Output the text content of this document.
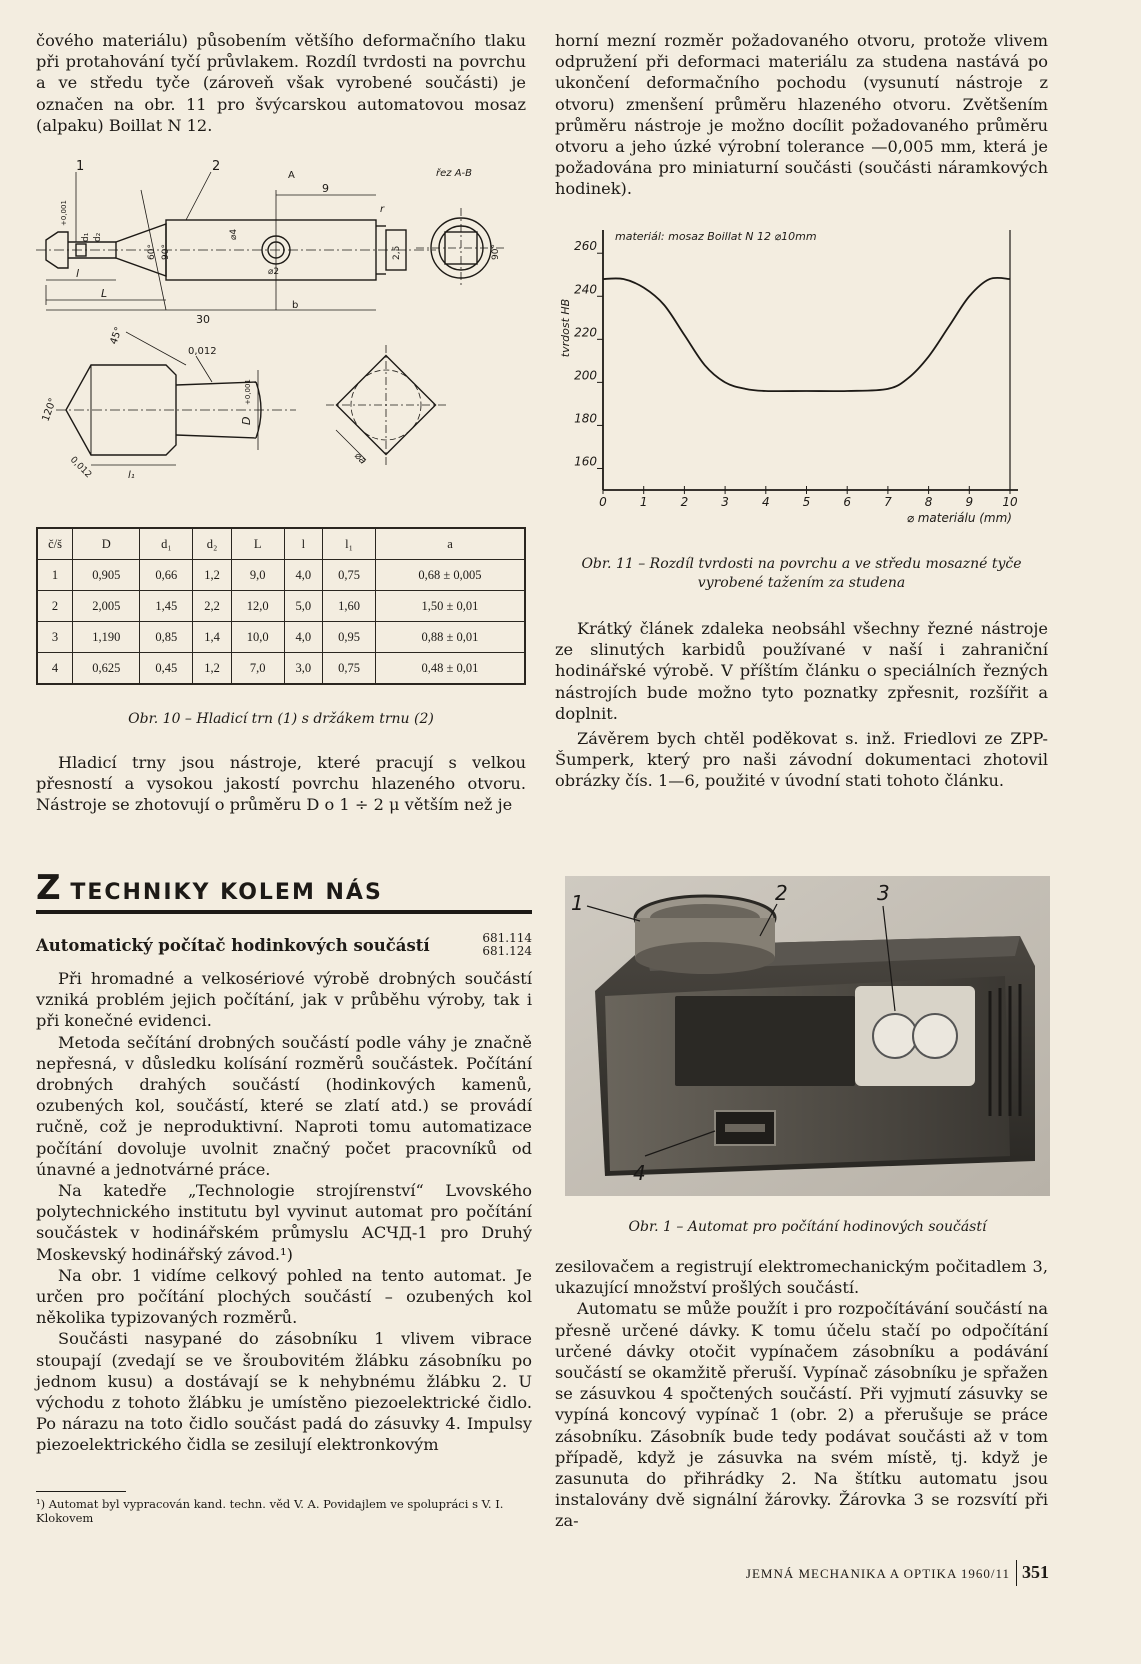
čového materiálu) působením většího deformačního tlaku při protahování tyčí průvlakem. Rozdíl tvrdosti na povrchu a ve středu tyče (zároveň však vyrobené součásti) je označen na obr. 11 pro švýcarskou automatovou mosaz (alpaku) Boillat N 12.

1	2
A
b
řez A-B
9
30
L
l
r
⌀4
⌀2
2,5	90°
60° 90°
d₁ d₂
+0,001
45°
0,012
120°
0,012
D
+0,001
l₁
⌀a
č/š	D	d₁	d₂	L	l	l₁	a
1	0,905	0,66	1,2	9,0	4,0	0,75	0,68 ± 0,005
2	2,005	1,45	2,2	12,0	5,0	1,60	1,50 ± 0,01
3	1,190	0,85	1,4	10,0	4,0	0,95	0,88 ± 0,01
4	0,625	0,45	1,2	7,0	3,0	0,75	0,48 ± 0,01
Obr. 10 – Hladicí trn (1) s držákem trnu (2)

Hladicí trny jsou nástroje, které pracují s velkou přesností a vysokou jakostí povrchu hlazeného otvoru. Nástroje se zhotovují o průměru D o 1 ÷ 2 μ větším než je

horní mezní rozměr požadovaného otvoru, protože vlivem odpružení při deformaci materiálu za studena nastává po ukončení deformačního pochodu (vysunutí nástroje z otvoru) zmenšení průměru hlazeného otvoru. Zvětšením průměru nástroje je možno docílit požadovaného průměru otvoru a jeho úzké výrobní tolerance —0,005 mm, která je požadována pro miniaturní součásti (součásti náramkových hodinek).

160
180
200
220
240
260
0	1	2	3	4	5	6	7	8	9 10
materiál: mosaz Boillat N 12 ⌀10mm
tvrdost HB
⌀ materiálu (mm)
Obr. 11 – Rozdíl tvrdosti na povrchu a ve středu mosazné tyče
vyrobené tažením za studena

Krátký článek zdaleka neobsáhl všechny řezné nástroje ze slinutých karbidů používané v naší i zahraniční hodinářské výrobě. V příštím článku o speciálních řezných nástrojích bude možno tyto poznatky zpřesnit, rozšířit a doplnit.

Závěrem bych chtěl poděkovat s. inž. Friedlovi ze ZPP-Šumperk, který pro naši závodní dokumentaci zhotovil obrázky čís. 1—6, použité v úvodní stati tohoto článku.

Z TECHNIKY KOLEM NÁS
Automatický počítač hodinkových součástí	681.114
681.124

Při hromadné a velkosériové výrobě drobných součástí vzniká problém jejich počítání, jak v průběhu výroby, tak i při konečné evidenci.

Metoda sečítání drobných součástí podle váhy je značně nepřesná, v důsledku kolísání rozměrů součástek. Počítání drobných drahých součástí (hodinkových kamenů, ozubených kol, součástí, které se zlatí atd.) se provádí ručně, což je neproduktivní. Naproti tomu automatizace počítání dovoluje uvolnit značný počet pracovníků od únavné a jednotvárné práce.

Na katedře „Technologie strojírenství“ Lvovského polytechnického institutu byl vyvinut automat pro počítání součástek v hodinářském průmyslu АСЧД-1 pro Druhý Moskevský hodinářský závod.¹)

Na obr. 1 vidíme celkový pohled na tento automat. Je určen pro počítání plochých součástí – ozubených kol několika typizovaných rozměrů.

Součásti nasypané do zásobníku 1 vlivem vibrace stoupají (zvedají se ve šroubovitém žlábku zásobníku po jednom kusu) a dostávají se k nehybnému žlábku 2. U východu z tohoto žlábku je umístěno piezoelektrické čidlo. Po nárazu na toto čidlo součást padá do zásuvky 4. Impulsy piezoelektrického čidla se zesilují elektronkovým

¹) Automat byl vypracován kand. techn. věd V. A. Povidajlem ve spolupráci s V. I. Klokovem
1	2	3
4
Obr. 1 – Automat pro počítání hodinových součástí

zesilovačem a registrují elektromechanickým počitadlem 3, ukazující množství prošlých součástí.

Automatu se může použít i pro rozpočítávání součástí na přesně určené dávky. K tomu účelu stačí po odpočítání určené dávky otočit vypínačem zásobníku a podávání součástí se okamžitě přeruší. Vypínač zásobníku je spřažen se zásuvkou 4 spočtených součástí. Při vyjmutí zásuvky se vypíná koncový vypínač 1 (obr. 2) a přerušuje se práce zásobníku. Zásobník bude tedy podávat součásti až v tom případě, když je zásuvka na svém místě, tj. když je zasunuta do přihrádky 2. Na štítku automatu jsou instalovány dvě signální žárovky. Žárovka 3 se rozsvítí při za-

JEMNÁ MECHANIKA A OPTIKA 1960/11 351
